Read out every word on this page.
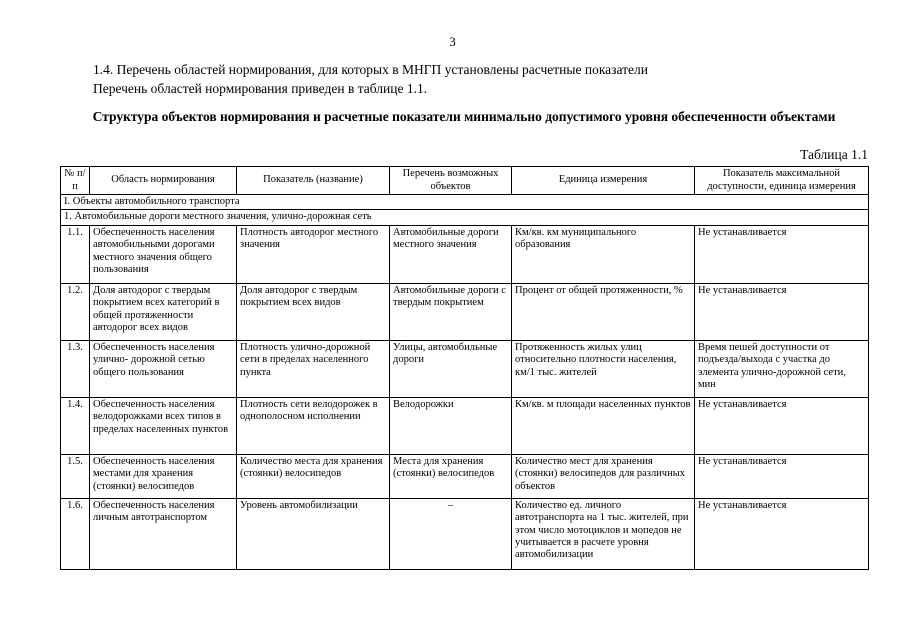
3
1.4. Перечень областей нормирования, для которых в МНГП установлены расчетные показатели
Перечень областей нормирования приведен в таблице 1.1.
Структура объектов нормирования и расчетные показатели минимально допустимого уровня обеспеченности объектами
Таблица 1.1
№ п/п	Область нормирования	Показатель (название)	Перечень возможных объектов	Единица измерения	Показатель максимальной доступности, единица измерения
I. Объекты автомобильного транспорта					
1. Автомобильные дороги местного значения, улично-дорожная сеть					
1.1.	Обеспеченность населения автомобильными дорогами местного значения общего пользования	Плотность автодорог местного значения	Автомобильные дороги местного значения	Км/кв. км муниципального образования	Не устанавливается
1.2.	Доля автодорог с твердым покрытием всех категорий в общей протяженности автодорог всех видов	Доля автодорог с твердым покрытием всех видов	Автомобильные дороги с твердым покрытием	Процент от общей протяженности, %	Не устанавливается
1.3.	Обеспеченность населения улично- дорожной сетью общего пользования	Плотность улично-дорожной сети в пределах населенного пункта	Улицы, автомобильные дороги	Протяженность жилых улиц относительно плотности населения, км/1 тыс. жителей	Время пешей доступности от подъезда/выхода с участка до элемента улично-дорожной сети, мин
1.4.	Обеспеченность населения велодорожками всех типов в пределах населенных пунктов	Плотность сети велодорожек в однополосном исполнении	Велодорожки	Км/кв. м площади населенных пунктов	Не устанавливается
1.5.	Обеспеченность населения местами для хранения (стоянки) велосипедов	Количество места для хранения (стоянки) велосипедов	Места для хранения (стоянки) велосипедов	Количество мест для хранения (стоянки) велосипедов для различных объектов	Не устанавливается
1.6.	Обеспеченность населения личным автотранспортом	Уровень автомобилизации	–	Количество ед. личного автотранспорта на 1 тыс. жителей, при этом число мотоциклов и мопедов не учитывается в расчете уровня автомобилизации	Не устанавливается
